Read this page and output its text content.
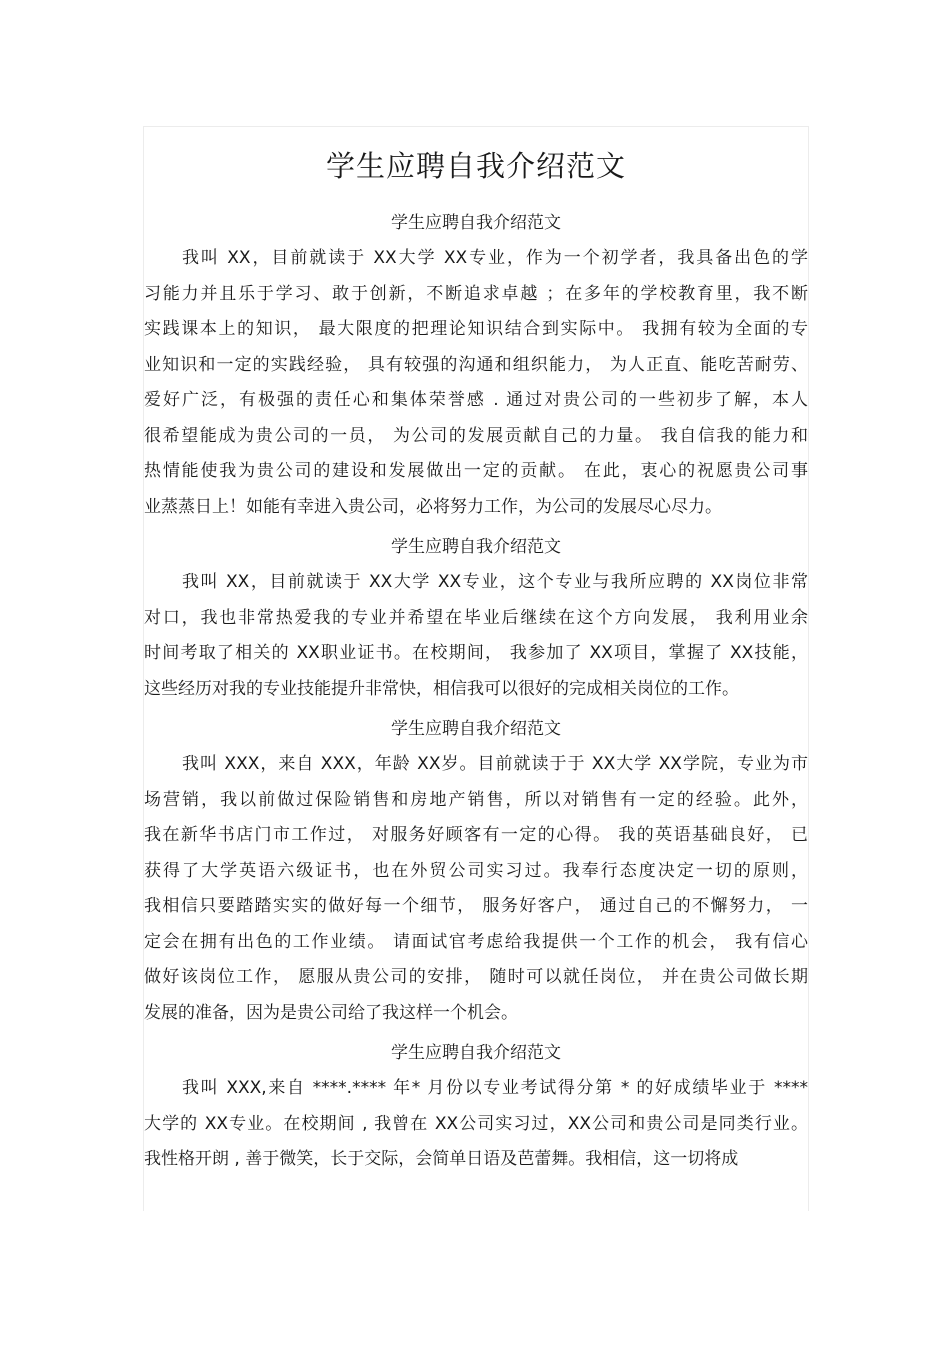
学生应聘自我介绍范文
学生应聘自我介绍范文
我叫 XX，目前就读于 XX大学 XX专业，作为一个初学者，我具备出色的学
习能力并且乐于学习、敢于创新，不断追求卓越 ；在多年的学校教育里，我不断
实践课本上的知识， 最大限度的把理论知识结合到实际中。 我拥有较为全面的专
业知识和一定的实践经验， 具有较强的沟通和组织能力， 为人正直、能吃苦耐劳、
爱好广泛，有极强的责任心和集体荣誉感 . 通过对贵公司的一些初步了解，本人
很希望能成为贵公司的一员， 为公司的发展贡献自己的力量。 我自信我的能力和
热情能使我为贵公司的建设和发展做出一定的贡献。 在此，衷心的祝愿贵公司事
业蒸蒸日上！如能有幸进入贵公司，必将努力工作，为公司的发展尽心尽力。
学生应聘自我介绍范文
我叫 XX，目前就读于 XX大学 XX专业，这个专业与我所应聘的 XX岗位非常
对口，我也非常热爱我的专业并希望在毕业后继续在这个方向发展， 我利用业余
时间考取了相关的 XX职业证书。在校期间， 我参加了 XX项目，掌握了 XX技能，
这些经历对我的专业技能提升非常快，相信我可以很好的完成相关岗位的工作。
学生应聘自我介绍范文
我叫 XXX，来自 XXX，年龄 XX岁。目前就读于于 XX大学 XX学院，专业为市
场营销，我以前做过保险销售和房地产销售，所以对销售有一定的经验。此外，
我在新华书店门市工作过， 对服务好顾客有一定的心得。 我的英语基础良好， 已
获得了大学英语六级证书，也在外贸公司实习过。我奉行态度决定一切的原则，
我相信只要踏踏实实的做好每一个细节， 服务好客户， 通过自己的不懈努力， 一
定会在拥有出色的工作业绩。 请面试官考虑给我提供一个工作的机会， 我有信心
做好该岗位工作， 愿服从贵公司的安排， 随时可以就任岗位， 并在贵公司做长期
发展的准备，因为是贵公司给了我这样一个机会。
学生应聘自我介绍范文
我叫 XXX,来自 ****.**** 年* 月份以专业考试得分第 * 的好成绩毕业于 ****
大学的 XX专业。在校期间 , 我曾在 XX公司实习过，XX公司和贵公司是同类行业。
我性格开朗 , 善于微笑，长于交际，会简单日语及芭蕾舞。我相信，这一切将成
